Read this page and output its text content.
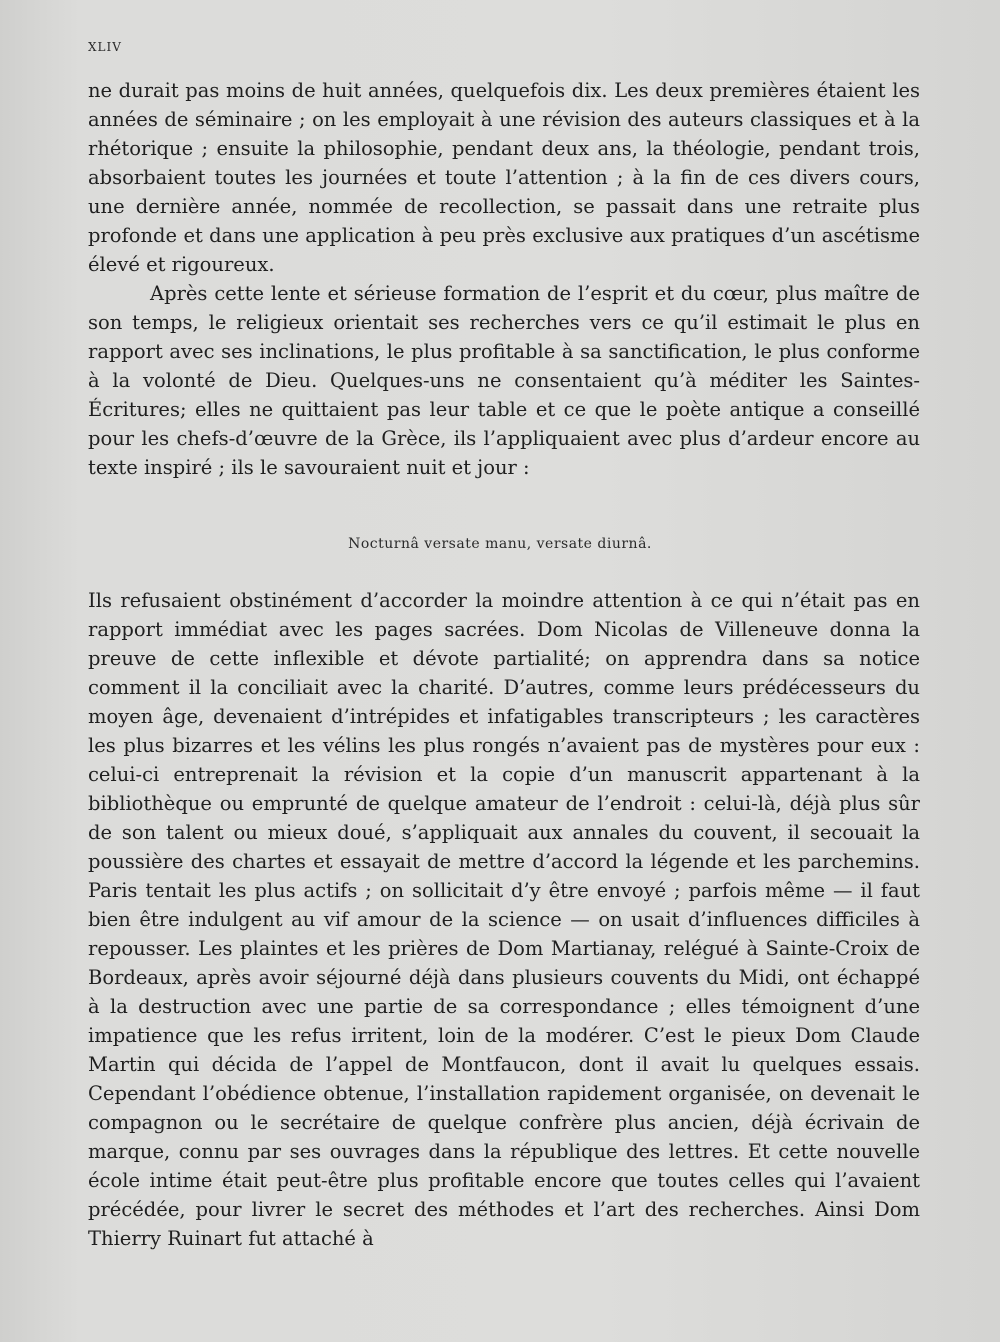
XLIV

ne durait pas moins de huit années, quelquefois dix. Les deux premières étaient les années de séminaire ; on les employait à une révision des auteurs classiques et à la rhétorique ; ensuite la philosophie, pendant deux ans, la théologie, pendant trois, absorbaient toutes les journées et toute l’attention ; à la fin de ces divers cours, une dernière année, nommée de recollection, se passait dans une retraite plus profonde et dans une application à peu près exclusive aux pratiques d’un ascétisme élevé et rigoureux.

Après cette lente et sérieuse formation de l’esprit et du cœur, plus maître de son temps, le religieux orientait ses recherches vers ce qu’il estimait le plus en rapport avec ses inclinations, le plus profitable à sa sanctification, le plus conforme à la volonté de Dieu. Quelques-uns ne consentaient qu’à méditer les Saintes-Écritures; elles ne quittaient pas leur table et ce que le poète antique a conseillé pour les chefs-d’œuvre de la Grèce, ils l’appliquaient avec plus d’ardeur encore au texte inspiré ; ils le savouraient nuit et jour :

Nocturnâ versate manu, versate diurnâ.

Ils refusaient obstinément d’accorder la moindre attention à ce qui n’était pas en rapport immédiat avec les pages sacrées. Dom Nicolas de Villeneuve donna la preuve de cette inflexible et dévote partialité; on apprendra dans sa notice comment il la conciliait avec la charité. D’autres, comme leurs prédécesseurs du moyen âge, devenaient d’intrépides et infatigables transcripteurs ; les caractères les plus bizarres et les vélins les plus rongés n’avaient pas de mystères pour eux : celui-ci entreprenait la révision et la copie d’un manuscrit appartenant à la bibliothèque ou emprunté de quelque amateur de l’endroit : celui-là, déjà plus sûr de son talent ou mieux doué, s’appliquait aux annales du couvent, il secouait la poussière des chartes et essayait de mettre d’accord la légende et les parchemins. Paris tentait les plus actifs ; on sollicitait d’y être envoyé ; parfois même — il faut bien être indulgent au vif amour de la science — on usait d’influences difficiles à repousser. Les plaintes et les prières de Dom Martianay, relégué à Sainte-Croix de Bordeaux, après avoir séjourné déjà dans plusieurs couvents du Midi, ont échappé à la destruction avec une partie de sa correspondance ; elles témoignent d’une impatience que les refus irritent, loin de la modérer. C’est le pieux Dom Claude Martin qui décida de l’appel de Montfaucon, dont il avait lu quelques essais. Cependant l’obédience obtenue, l’installation rapidement organisée, on devenait le compagnon ou le secrétaire de quelque confrère plus ancien, déjà écrivain de marque, connu par ses ouvrages dans la république des lettres. Et cette nouvelle école intime était peut-être plus profitable encore que toutes celles qui l’avaient précédée, pour livrer le secret des méthodes et l’art des recherches. Ainsi Dom Thierry Ruinart fut attaché à
